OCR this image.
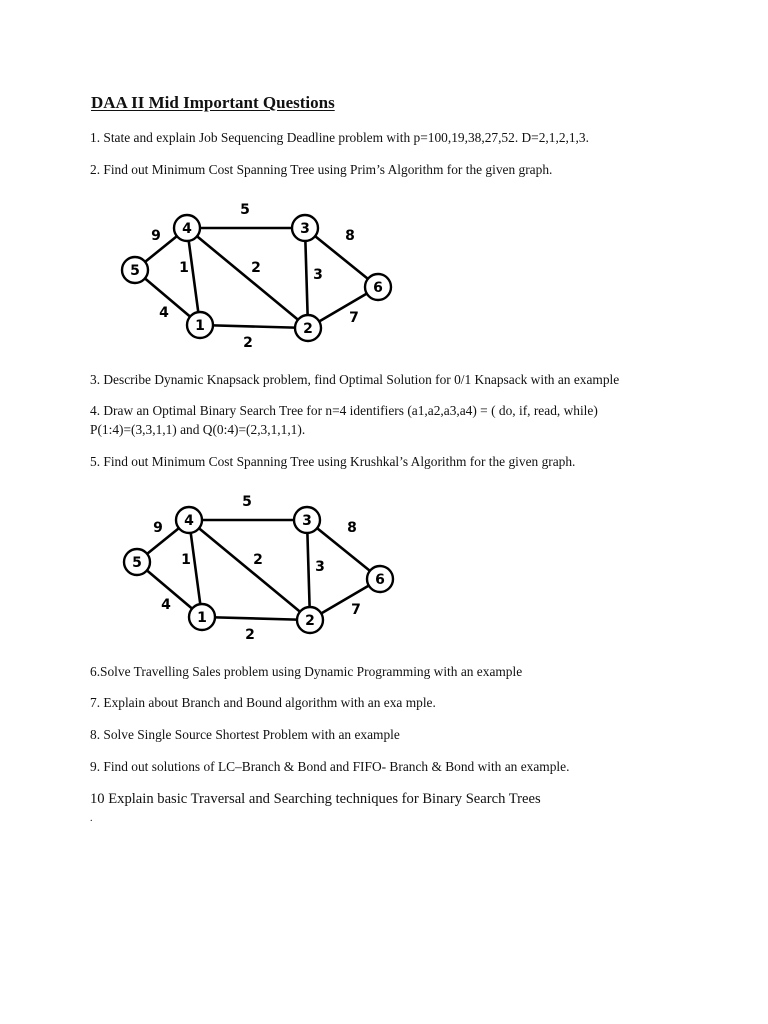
DAA II Mid Important Questions
1. State and explain Job Sequencing Deadline problem with p=100,19,38,27,52. D=2,1,2,1,3.
2. Find out Minimum Cost Spanning Tree using Prim’s Algorithm for the given graph.
9
5
8
1	2	3
4
2
7
5
4	3
1	2
6
3. Describe Dynamic Knapsack problem, find Optimal Solution for 0/1 Knapsack with an example
4. Draw an Optimal Binary Search Tree for n=4 identifiers (a1,a2,a3,a4) = ( do, if, read, while)
P(1:4)=(3,3,1,1) and Q(0:4)=(2,3,1,1,1).
5. Find out Minimum Cost Spanning Tree using Krushkal’s Algorithm for the given graph.
9
5
8
1	2	3
4
2
7
5
4	3
1	2
6
6.Solve Travelling Sales problem using Dynamic Programming with an example
7. Explain about Branch and Bound algorithm with an exa mple.
8. Solve Single Source Shortest Problem with an example
9. Find out solutions of LC–Branch & Bond and FIFO- Branch & Bond with an example.
10 Explain basic Traversal and Searching techniques for Binary Search Trees
.
